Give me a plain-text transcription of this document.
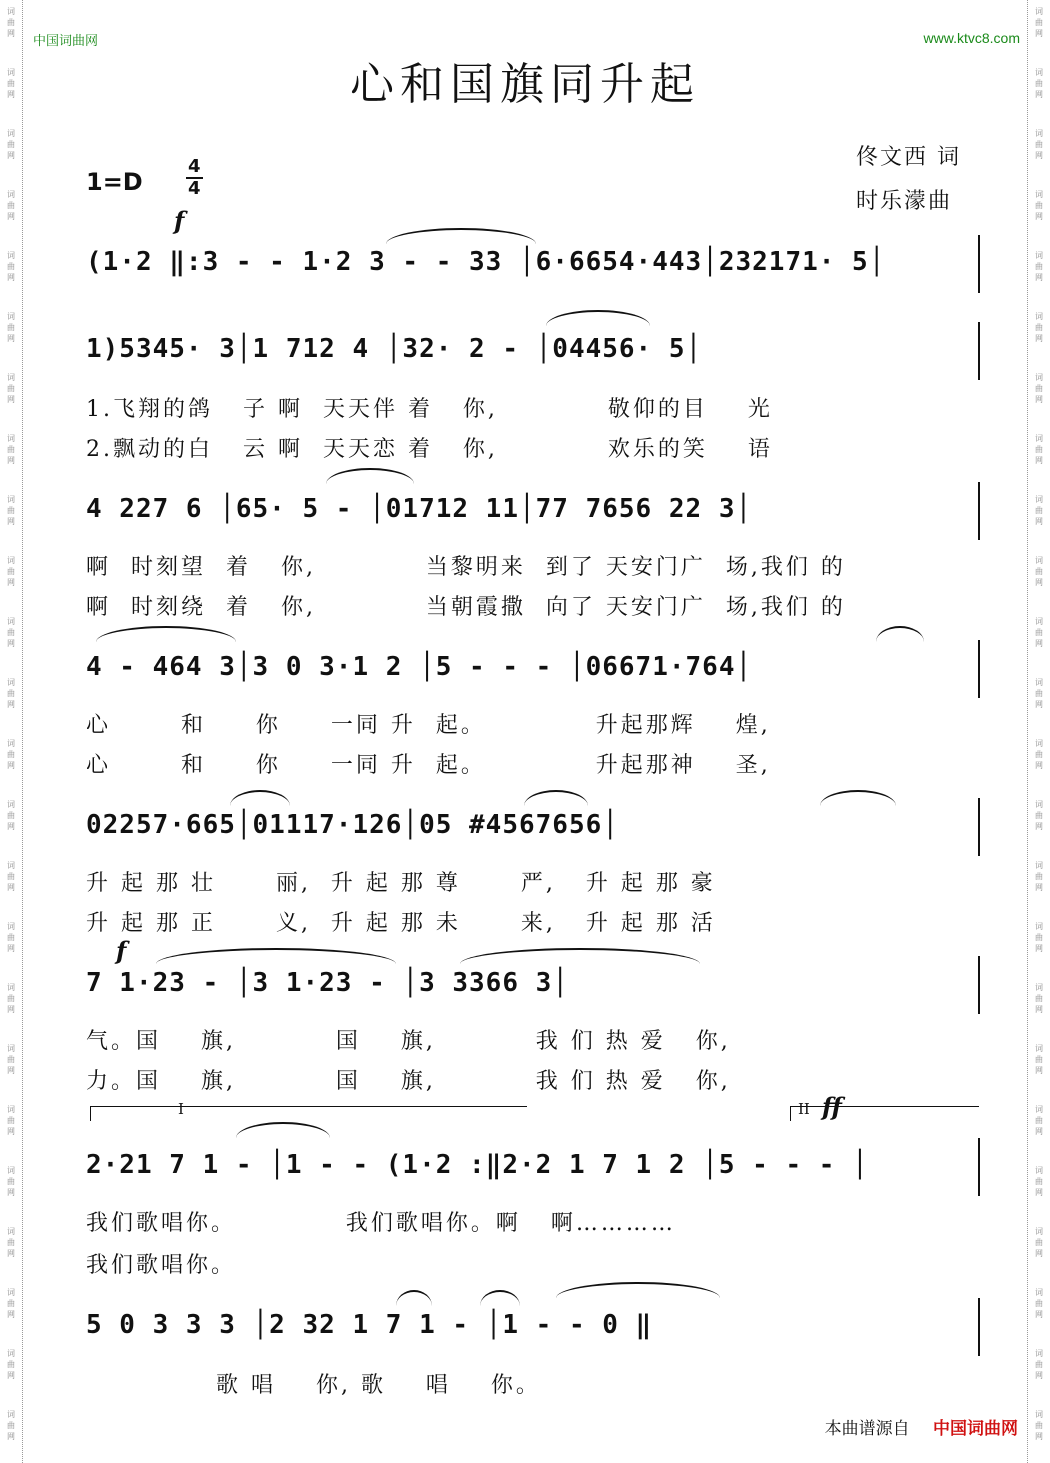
词
曲
网
词
曲
网
词
曲
网
词
曲
网
词
曲
网
词
曲
网
词
曲
网
词
曲
网
词
曲
网
词
曲
网
词
曲
网
词
曲
网
词
曲
网
词
曲
网
词
曲
网
词
曲
网
词
曲
网
词
曲
网
词
曲
网
词
曲
网
词
曲
网
词
曲
网
词
曲
网
词
曲
网
词
曲
网
词
曲
网
词
曲
网
词
曲
网
词
曲
网
词
曲
网
词
曲
网
词
曲
网
词
曲
网
词
曲
网
词
曲
网
词
曲
网
词
曲
网
词
曲
网
词
曲
网
词
曲
网
词
曲
网
词
曲
网
词
曲
网
词
曲
网
词
曲
网
词
曲
网
词
曲
网
词
曲
网
中国词曲网	www.ktvc8.com
心和国旗同升起
佟文西 词
时乐濛曲
1=D
4
4
f
f
ff
I	II
(1·2 ‖:3 - - 1·2 3 - - 33 │6·6654·443│232171· 5│
1)5345· 3│1 712 4 │32· 2 - │04456· 5│
4 227 6 │65· 5 - │01712 11│77 7656 22 3│
4 - 464 3│3 0 3·1 2 │5 - - - │06671·764│
02257·665│01117·126│05 #4567656│
7 1·23 - │3 1·23 - │3 3366 3│
2·21 7 1 - │1 - - (1·2 :‖2·2 1 7 1 2 │5 - - - │
5 0 3 3 3 │2 32 1 7 1 - │1 - - 0 ‖
1.飞翔的鸽   子 啊  天天伴 着   你,           敬仰的目    光
2.飘动的白   云 啊  天天恋 着   你,           欢乐的笑    语
啊  时刻望  着   你,           当黎明来  到了 天安门广  场,我们 的
啊  时刻绕  着   你,           当朝霞撒  向了 天安门广  场,我们 的
心       和     你     一同 升  起。           升起那辉    煌,
心       和     你     一同 升  起。           升起那神    圣,
升 起 那 壮      丽,  升 起 那 尊      严,   升 起 那 豪
升 起 那 正      义,  升 起 那 未      来,   升 起 那 活
气。国    旗,          国    旗,          我 们 热 爱   你,
力。国    旗,          国    旗,          我 们 热 爱   你,
我们歌唱你。           我们歌唱你。啊   啊…………
我们歌唱你。
歌 唱    你, 歌    唱    你。
本曲谱源自 中国词曲网
